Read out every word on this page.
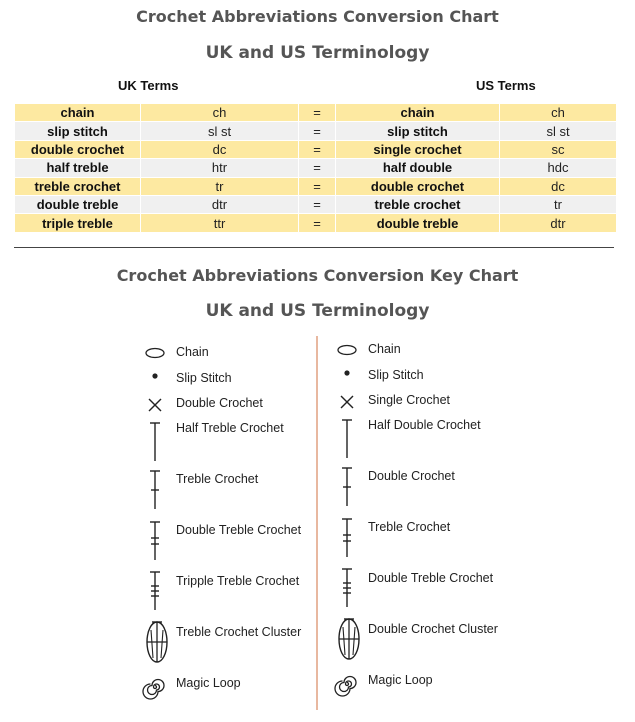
Crochet Abbreviations Conversion Chart
UK and US Terminology
UK Terms	US Terms
chain	ch	=	chain	ch
slip stitch	sl st	=	slip stitch	sl st
double crochet	dc	=	single crochet	sc
half treble	htr	=	half double	hdc
treble crochet	tr	=	double crochet	dc
double treble	dtr	=	treble crochet	tr
triple treble	ttr	=	double treble	dtr
Crochet Abbreviations Conversion Key Chart
UK and US Terminology
Chain
Slip Stitch
Double Crochet
Half Treble Crochet
Treble Crochet
Double Treble Crochet
Tripple Treble Crochet
Treble Crochet Cluster
Magic Loop
Chain
Slip Stitch
Single Crochet
Half Double Crochet
Double Crochet
Treble Crochet
Double Treble Crochet
Double Crochet Cluster
Magic Loop
